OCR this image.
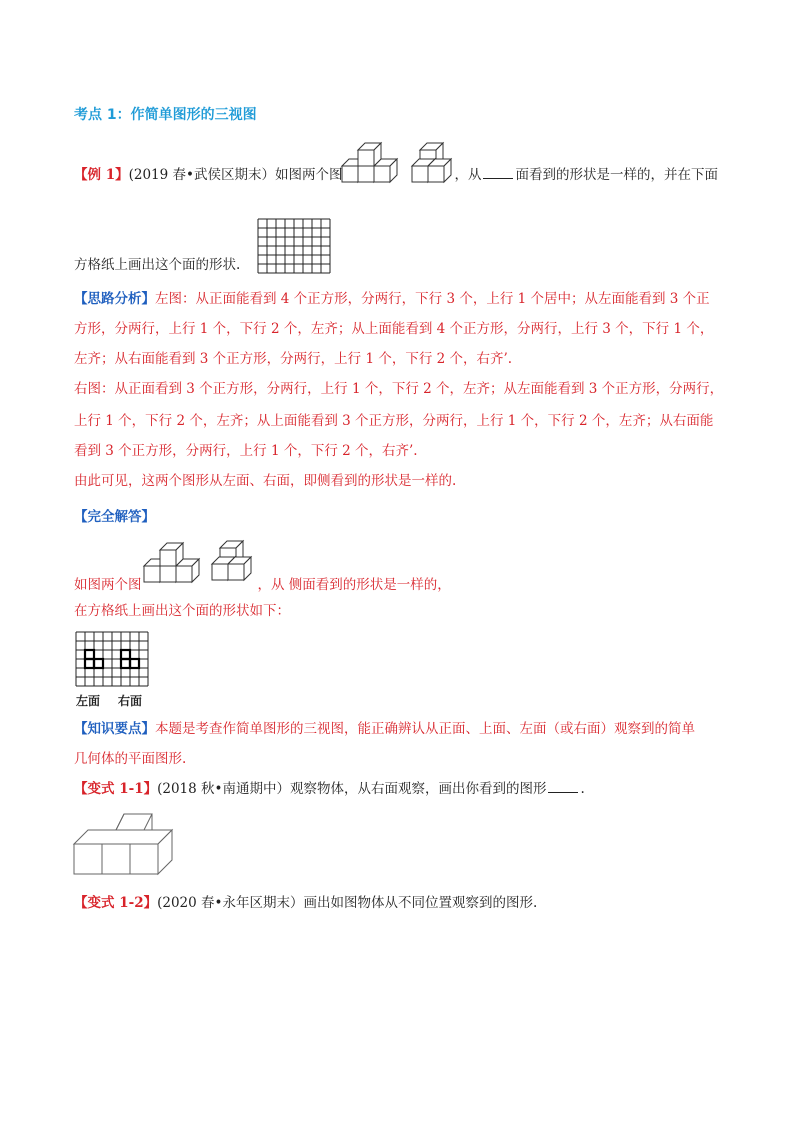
考点 1：作简单图形的三视图
【例 1】(2019 春•武侯区期末）如图两个图	，从	面看到的形状是一样的，并在下面
方格纸上画出这个面的形状.
【思路分析】左图：从正面能看到 4 个正方形，分两行，下行 3 个，上行 1 个居中；从左面能看到 3 个正
方形，分两行，上行 1 个，下行 2 个，左齐；从上面能看到 4 个正方形，分两行，上行 3 个，下行 1 个，
左齐；从右面能看到 3 个正方形，分两行，上行 1 个，下行 2 个，右齐’.
右图：从正面看到 3 个正方形，分两行，上行 1 个，下行 2 个，左齐；从左面能看到 3 个正方形，分两行，
上行 1 个，下行 2 个，左齐；从上面能看到 3 个正方形，分两行，上行 1 个，下行 2 个，左齐；从右面能
看到 3 个正方形，分两行，上行 1 个，下行 2 个，右齐’.
由此可见，这两个图形从左面、右面，即侧看到的形状是一样的.
【完全解答】
如图两个图	，从 侧面看到的形状是一样的，
在方格纸上画出这个面的形状如下：
左面 右面
【知识要点】本题是考查作简单图形的三视图，能正确辨认从正面、上面、左面（或右面）观察到的简单
几何体的平面图形.
【变式 1-1】(2018 秋•南通期中）观察物体，从右面观察，画出你看到的图形	.
【变式 1-2】(2020 春•永年区期末）画出如图物体从不同位置观察到的图形.
